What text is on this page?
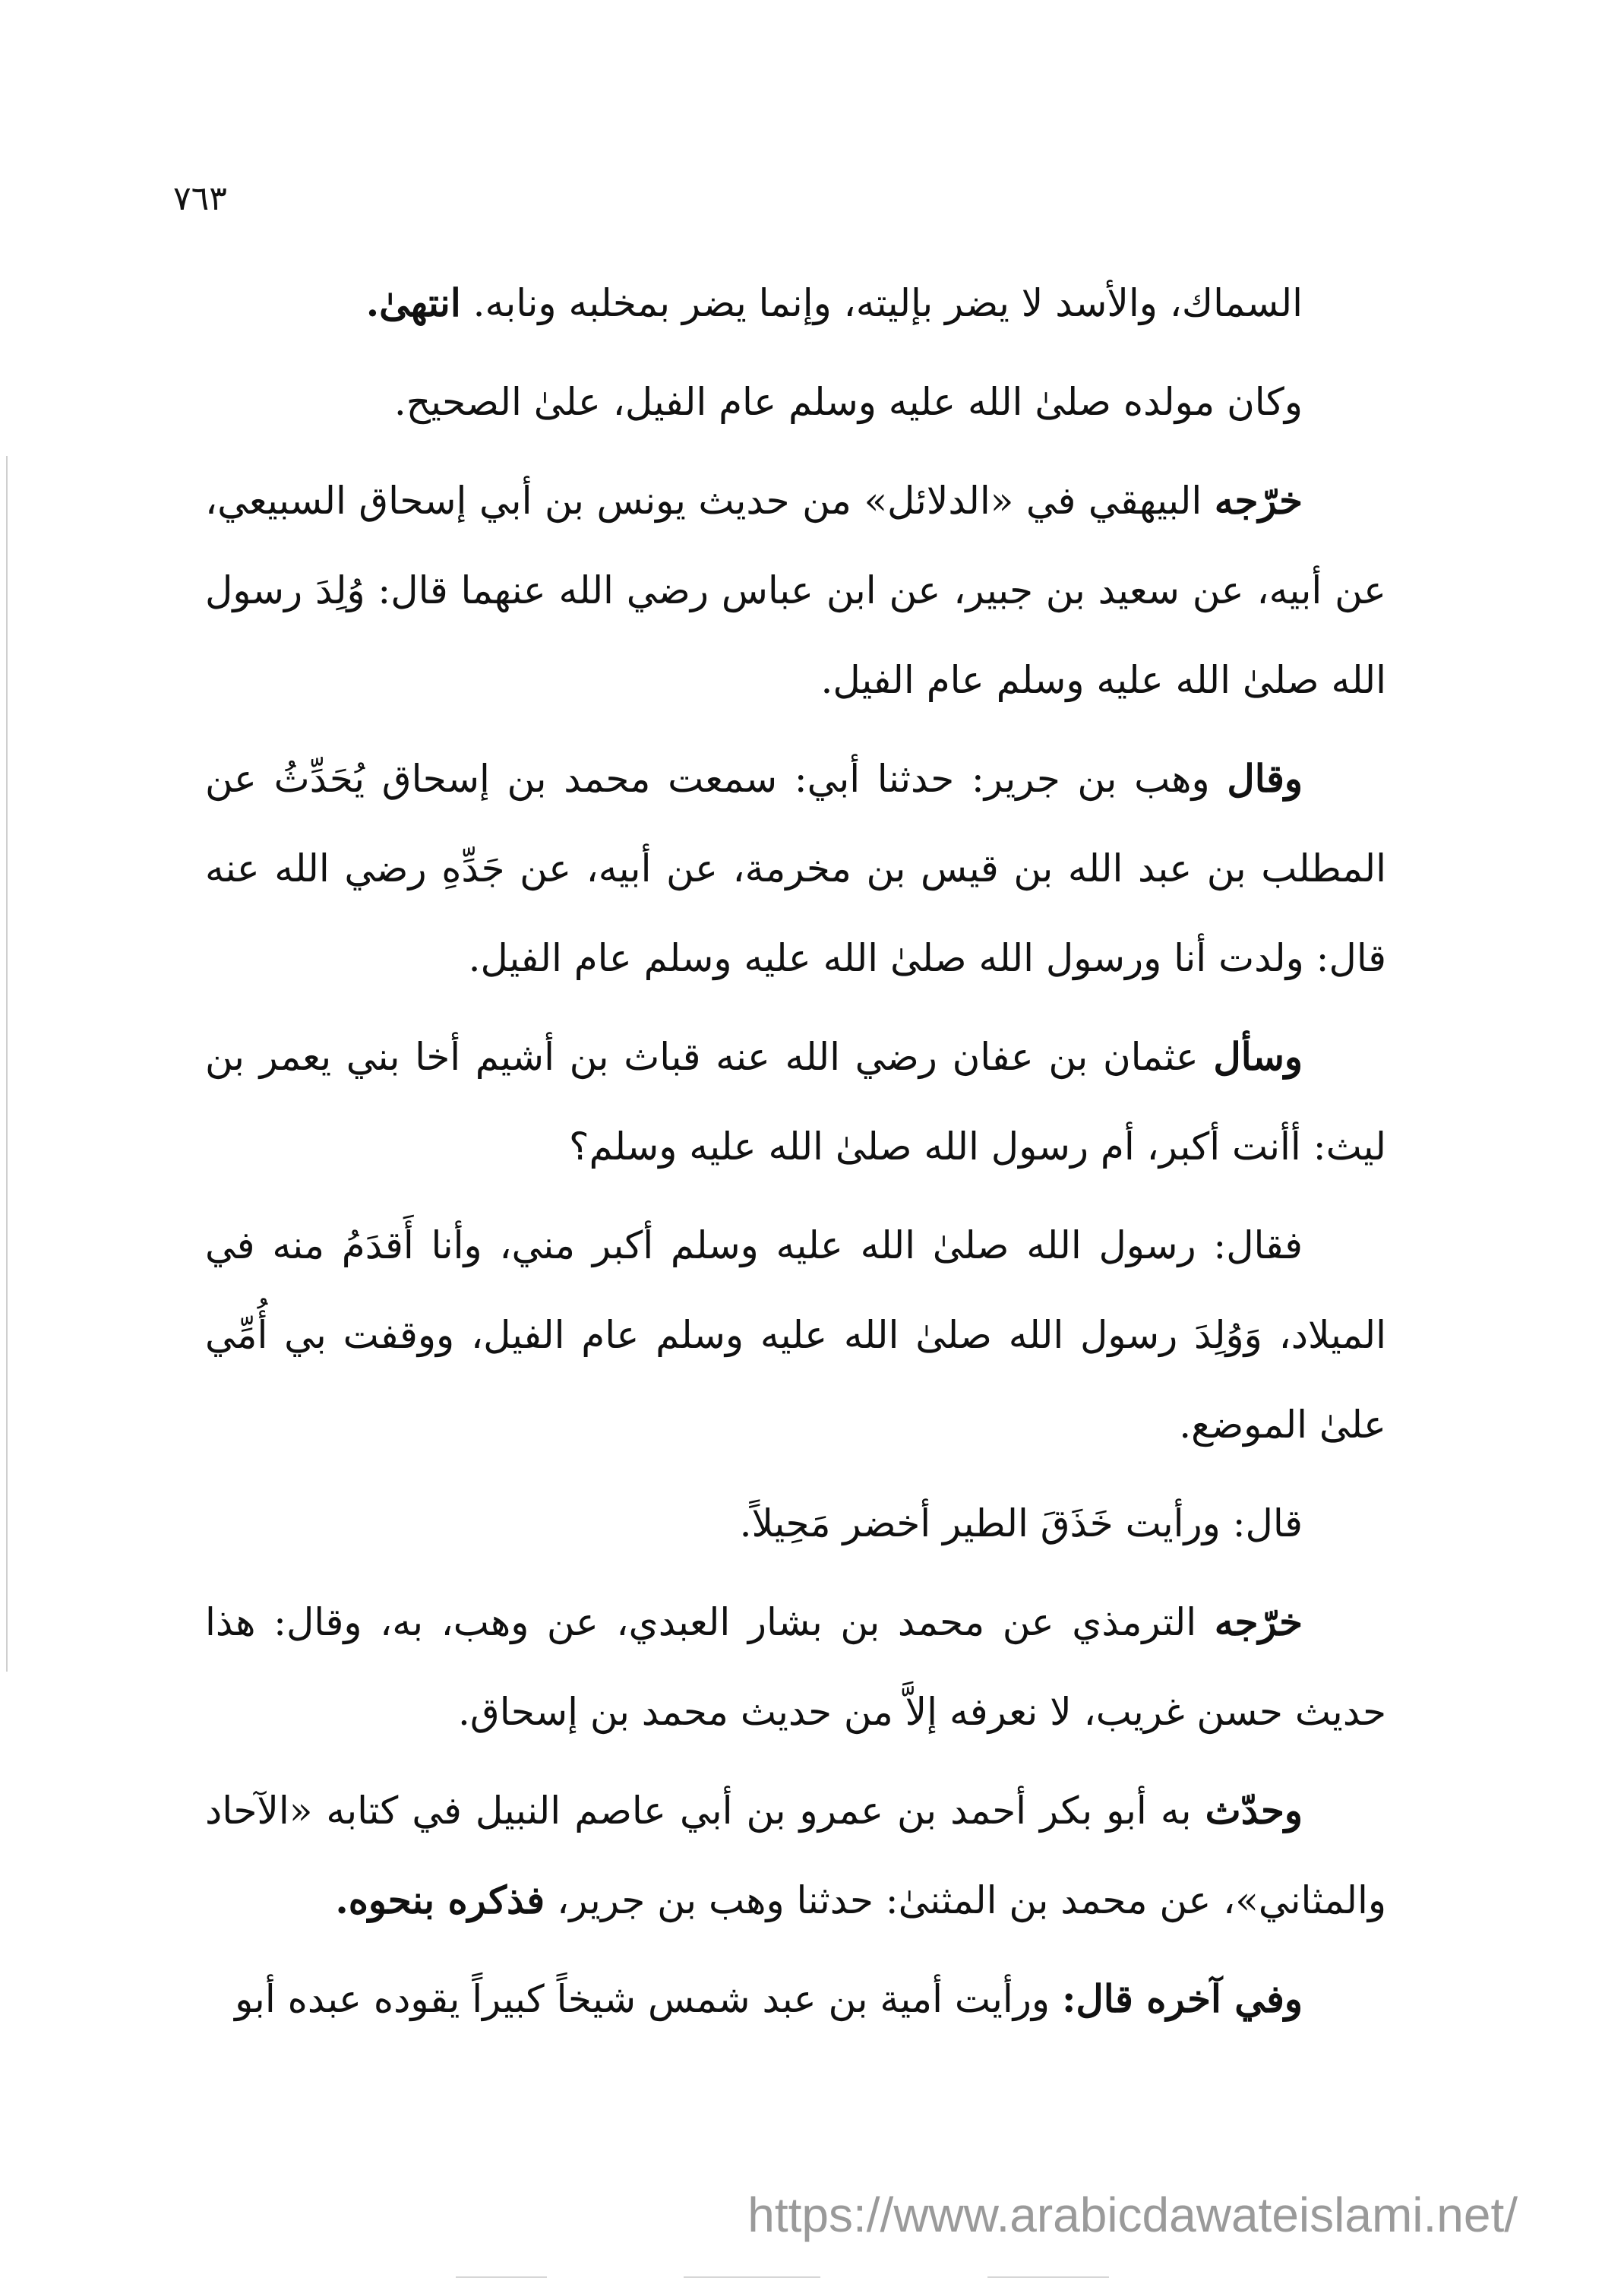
٧٦٣

السماك، والأسد لا يضر بإليته، وإنما يضر بمخلبه ونابه. انتهىٰ.

وكان مولده صلىٰ الله عليه وسلم عام الفيل، علىٰ الصحيح.

خرّجه البيهقي في «الدلائل» من حديث يونس بن أبي إسحاق السبيعي، عن أبيه، عن سعيد بن جبير، عن ابن عباس رضي الله عنهما قال: وُلِدَ رسول الله صلىٰ الله عليه وسلم عام الفيل.

وقال وهب بن جرير: حدثنا أبي: سمعت محمد بن إسحاق يُحَدِّثُ عن المطلب بن عبد الله بن قيس بن مخرمة، عن أبيه، عن جَدِّهِ رضي الله عنه قال: ولدت أنا ورسول الله صلىٰ الله عليه وسلم عام الفيل.

وسأل عثمان بن عفان رضي الله عنه قباث بن أشيم أخا بني يعمر بن ليث: أأنت أكبر، أم رسول الله صلىٰ الله عليه وسلم؟

فقال: رسول الله صلىٰ الله عليه وسلم أكبر مني، وأنا أَقدَمُ منه في الميلاد، وَوُلِدَ رسول الله صلىٰ الله عليه وسلم عام الفيل، ووقفت بي أُمِّي علىٰ الموضع.

قال: ورأيت خَذَقَ الطير أخضر مَحِيلاً.

خرّجه الترمذي عن محمد بن بشار العبدي، عن وهب، به، وقال: هذا حديث حسن غريب، لا نعرفه إلاَّ من حديث محمد بن إسحاق.

وحدّث به أبو بكر أحمد بن عمرو بن أبي عاصم النبيل في كتابه «الآحاد والمثاني»، عن محمد بن المثنىٰ: حدثنا وهب بن جرير، فذكره بنحوه.

وفي آخره قال: ورأيت أمية بن عبد شمس شيخاً كبيراً يقوده عبده أبو

https://www.arabicdawateislami.net/
